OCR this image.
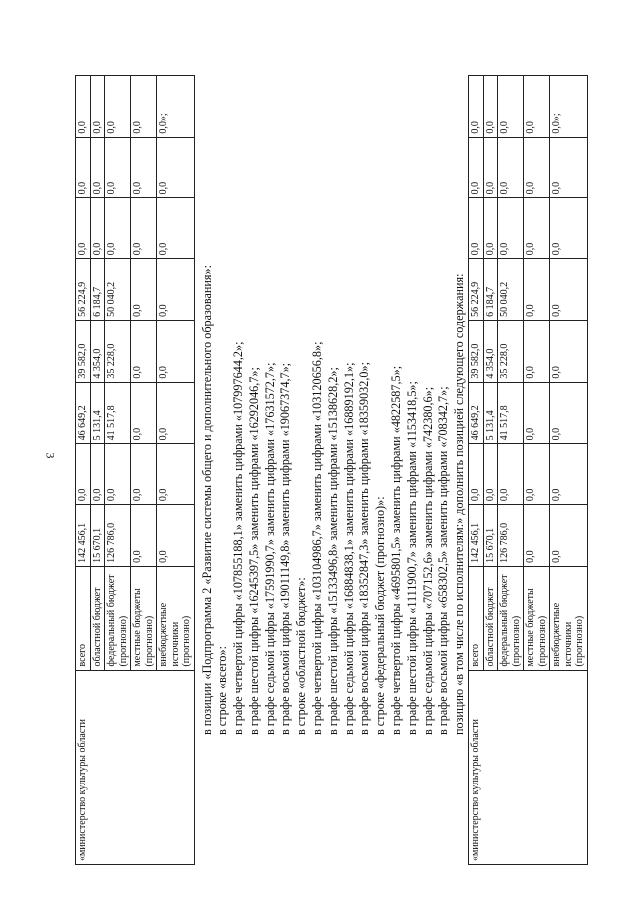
3
«министерство культуры области	всего	142 456,1	0,0	46 649,2	39 582,0	56 224,9	0,0	0,0	0,0
	областной бюджет	15 670,1	0,0	5 131,4	4 354,0	6 184,7	0,0	0,0	0,0
	федеральный бюджет (прогнозно)	126 786,0	0,0	41 517,8	35 228,0	50 040,2	0,0	0,0	0,0
	местные бюджеты (прогнозно)	0,0	0,0	0,0	0,0	0,0	0,0	0,0	0,0
	внебюджетные источники (прогнозно)	0,0	0,0	0,0	0,0	0,0	0,0	0,0	0,0»;

в позиции «Подпрограмма 2 «Развитие системы общего и дополнительного образования»: в строке «всего»: в графе четвертой цифры «107855188,1» заменить цифрами «107997644,2»; в графе шестой цифры «16245397,5» заменить цифрами «16292046,7»; в графе седьмой цифры «17591990,7» заменить цифрами «17631572,7»; в графе восьмой цифры «19011149,8» заменить цифрами «19067374,7»; в строке «областной бюджет»: в графе четвертой цифры «103104986,7» заменить цифрами «103120656,8»; в графе шестой цифры «15133496,8» заменить цифрами «15138628,2»; в графе седьмой цифры «16884838,1» заменить цифрами «16889192,1»; в графе восьмой цифры «18352847,3» заменить цифрами «18359032,0»; в строке «федеральный бюджет (прогнозно)»: в графе четвертой цифры «4695801,5» заменить цифрами «4822587,5»; в графе шестой цифры «1111900,7» заменить цифрами «1153418,5»; в графе седьмой цифры «707152,6» заменить цифрами «742380,6»; в графе восьмой цифры «658302,5» заменить цифрами «708342,7»; позицию «в том числе по исполнителям:» дополнить позицией следующего содержания:

«министерство культуры области	всего	142 456,1	0,0	46 649,2	39 582,0	56 224,9	0,0	0,0	0,0
	областной бюджет	15 670,1	0,0	5 131,4	4 354,0	6 184,7	0,0	0,0	0,0
	федеральный бюджет (прогнозно)	126 786,0	0,0	41 517,8	35 228,0	50 040,2	0,0	0,0	0,0
	местные бюджеты (прогнозно)	0,0	0,0	0,0	0,0	0,0	0,0	0,0	0,0
	внебюджетные источники (прогнозно)	0,0	0,0	0,0	0,0	0,0	0,0	0,0	0,0»;
